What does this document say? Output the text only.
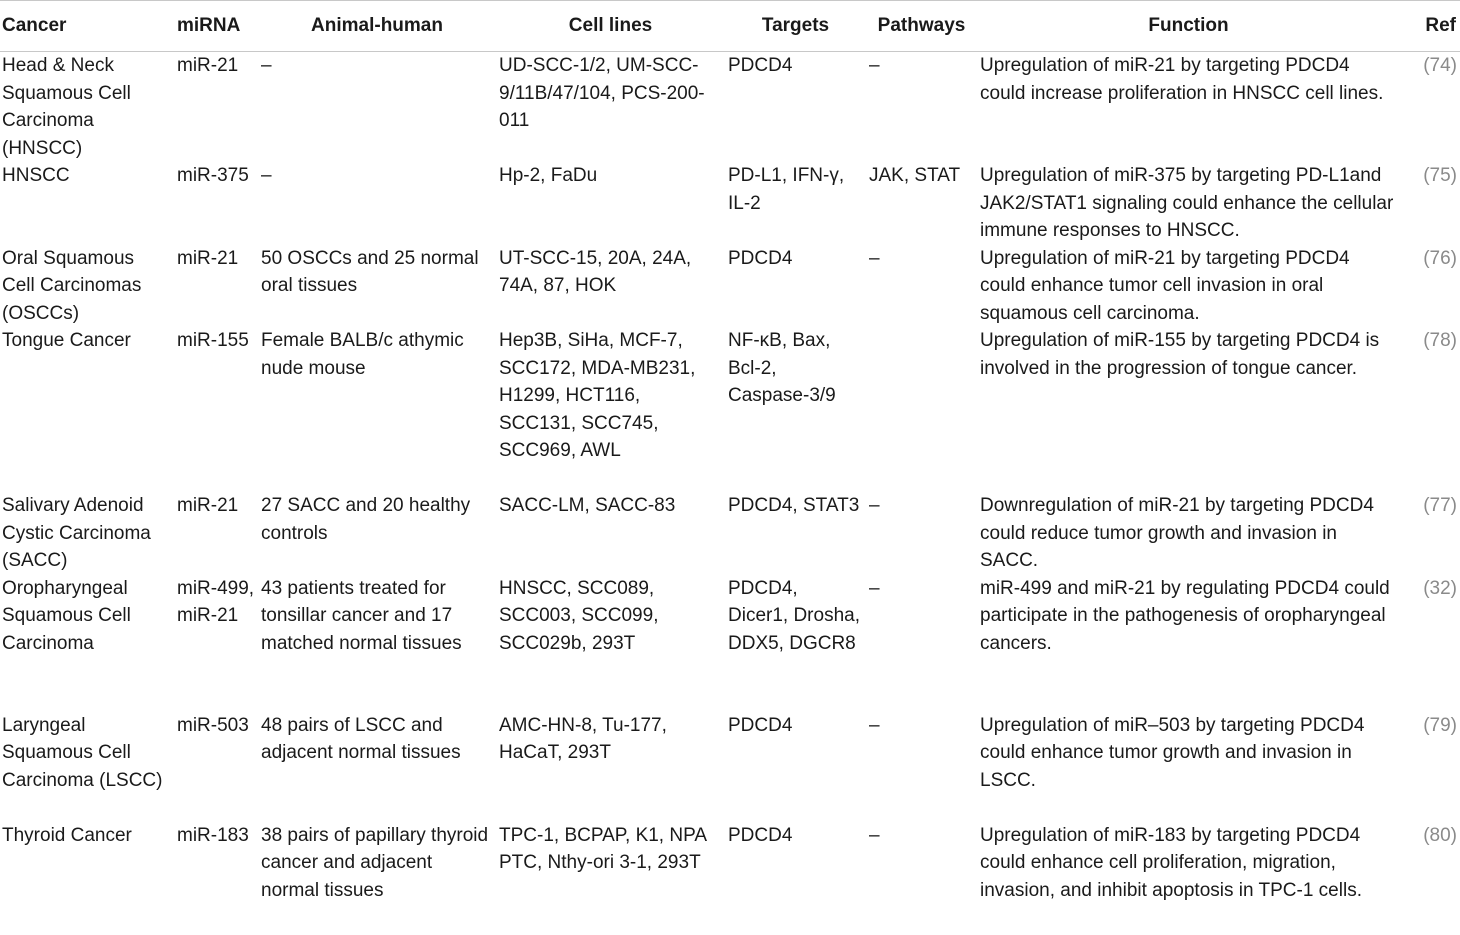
Cancer	miRNA	Animal-human	Cell lines	Targets	Pathways	Function	Ref
Head & Neck Squamous Cell Carcinoma (HNSCC)	miR-21	–	UD-SCC-1/2, UM-SCC-9/11B/47/104, PCS-200-011	PDCD4	–	Upregulation of miR-21 by targeting PDCD4 could increase proliferation in HNSCC cell lines.	(74)
HNSCC	miR-375	–	Hp-2, FaDu	PD-L1, IFN-γ, IL-2	JAK, STAT	Upregulation of miR-375 by targeting PD-L1and JAK2/STAT1 signaling could enhance the cellular immune responses to HNSCC.	(75)
Oral Squamous Cell Carcinomas (OSCCs)	miR-21	50 OSCCs and 25 normal oral tissues	UT-SCC-15, 20A, 24A, 74A, 87, HOK	PDCD4	–	Upregulation of miR-21 by targeting PDCD4 could enhance tumor cell invasion in oral squamous cell carcinoma.	(76)
Tongue Cancer	miR-155	Female BALB/c athymic nude mouse	Hep3B, SiHa, MCF-7, SCC172, MDA-MB231, H1299, HCT116, SCC131, SCC745, SCC969, AWL	NF-κB, Bax, Bcl-2, Caspase-3/9		Upregulation of miR-155 by targeting PDCD4 is involved in the progression of tongue cancer.	(78)
Salivary Adenoid Cystic Carcinoma (SACC)	miR-21	27 SACC and 20 healthy controls	SACC-LM, SACC-83	PDCD4, STAT3	–	Downregulation of miR-21 by targeting PDCD4 could reduce tumor growth and invasion in SACC.	(77)
Oropharyngeal Squamous Cell Carcinoma	miR-499, miR-21	43 patients treated for tonsillar cancer and 17 matched normal tissues	HNSCC, SCC089, SCC003, SCC099, SCC029b, 293T	PDCD4, Dicer1, Drosha, DDX5, DGCR8	–	miR-499 and miR-21 by regulating PDCD4 could participate in the pathogenesis of oropharyngeal cancers.	(32)
Laryngeal Squamous Cell Carcinoma (LSCC)	miR-503	48 pairs of LSCC and adjacent normal tissues	AMC-HN-8, Tu-177, HaCaT, 293T	PDCD4	–	Upregulation of miR–503 by targeting PDCD4 could enhance tumor growth and invasion in LSCC.	(79)
Thyroid Cancer	miR-183	38 pairs of papillary thyroid cancer and adjacent normal tissues	TPC-1, BCPAP, K1, NPA PTC, Nthy-ori 3-1, 293T	PDCD4	–	Upregulation of miR-183 by targeting PDCD4 could enhance cell proliferation, migration, invasion, and inhibit apoptosis in TPC-1 cells.	(80)
